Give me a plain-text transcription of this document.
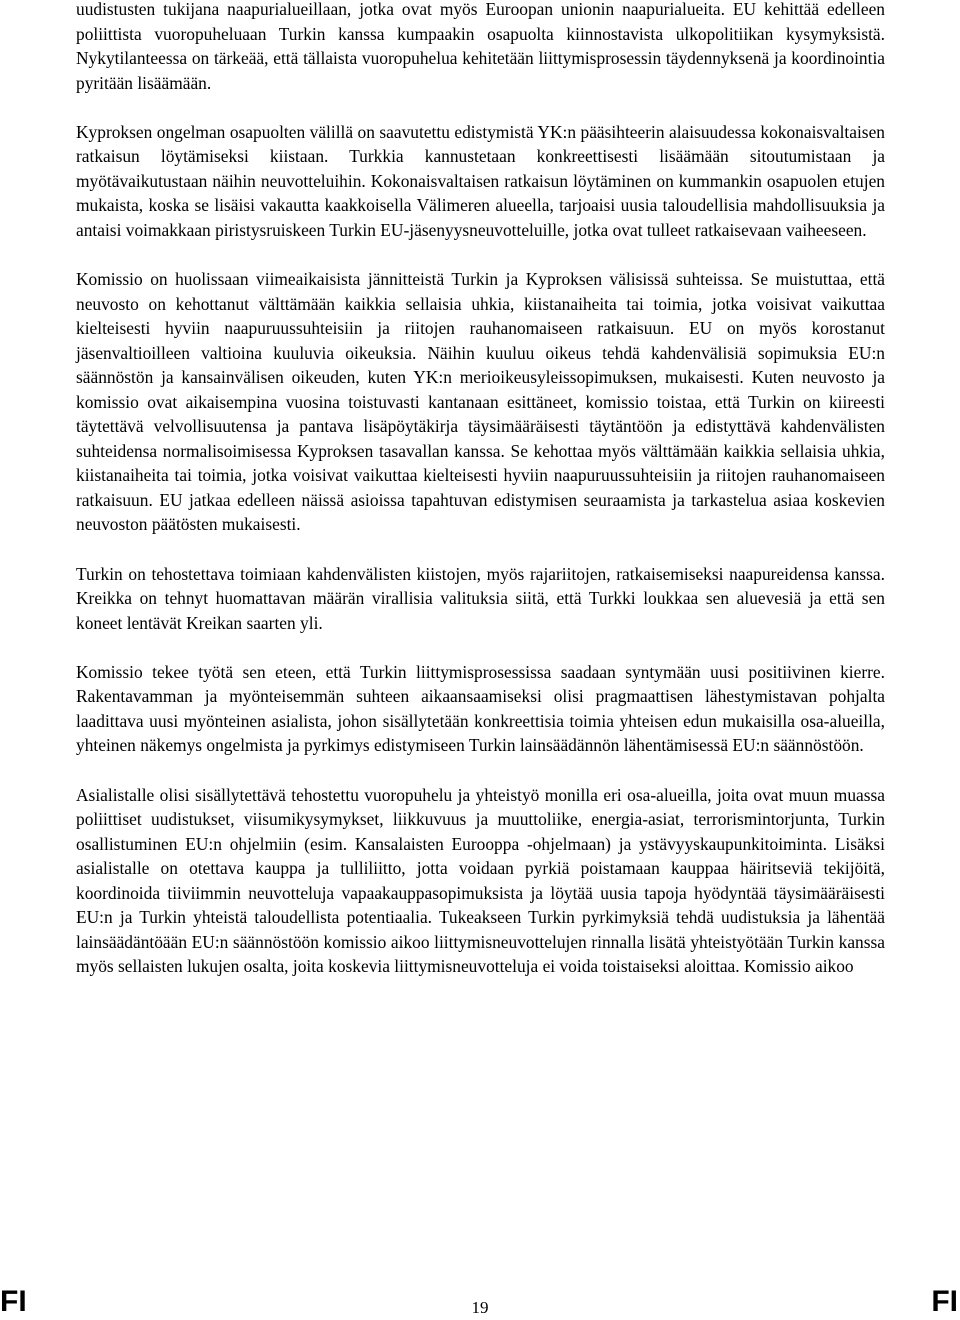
uudistusten tukijana naapurialueillaan, jotka ovat myös Euroopan unionin naapurialueita. EU kehittää edelleen poliittista vuoropuheluaan Turkin kanssa kumpaakin osapuolta kiinnostavista ulkopolitiikan kysymyksistä. Nykytilanteessa on tärkeää, että tällaista vuoropuhelua kehitetään liittymisprosessin täydennyksenä ja koordinointia pyritään lisäämään.

Kyproksen ongelman osapuolten välillä on saavutettu edistymistä YK:n pääsihteerin alaisuudessa kokonaisvaltaisen ratkaisun löytämiseksi kiistaan. Turkkia kannustetaan konkreettisesti lisäämään sitoutumistaan ja myötävaikutustaan näihin neuvotteluihin. Kokonaisvaltaisen ratkaisun löytäminen on kummankin osapuolen etujen mukaista, koska se lisäisi vakautta kaakkoisella Välimeren alueella, tarjoaisi uusia taloudellisia mahdollisuuksia ja antaisi voimakkaan piristysruiskeen Turkin EU-jäsenyysneuvotteluille, jotka ovat tulleet ratkaisevaan vaiheeseen.

Komissio on huolissaan viimeaikaisista jännitteistä Turkin ja Kyproksen välisissä suhteissa. Se muistuttaa, että neuvosto on kehottanut välttämään kaikkia sellaisia uhkia, kiistanaiheita tai toimia, jotka voisivat vaikuttaa kielteisesti hyviin naapuruussuhteisiin ja riitojen rauhanomaiseen ratkaisuun. EU on myös korostanut jäsenvaltioilleen valtioina kuuluvia oikeuksia. Näihin kuuluu oikeus tehdä kahdenvälisiä sopimuksia EU:n säännöstön ja kansainvälisen oikeuden, kuten YK:n merioikeusyleissopimuksen, mukaisesti. Kuten neuvosto ja komissio ovat aikaisempina vuosina toistuvasti kantanaan esittäneet, komissio toistaa, että Turkin on kiireesti täytettävä velvollisuutensa ja pantava lisäpöytäkirja täysimääräisesti täytäntöön ja edistyttävä kahdenvälisten suhteidensa normalisoimisessa Kyproksen tasavallan kanssa. Se kehottaa myös välttämään kaikkia sellaisia uhkia, kiistanaiheita tai toimia, jotka voisivat vaikuttaa kielteisesti hyviin naapuruussuhteisiin ja riitojen rauhanomaiseen ratkaisuun. EU jatkaa edelleen näissä asioissa tapahtuvan edistymisen seuraamista ja tarkastelua asiaa koskevien neuvoston päätösten mukaisesti.

Turkin on tehostettava toimiaan kahdenvälisten kiistojen, myös rajariitojen, ratkaisemiseksi naapureidensa kanssa. Kreikka on tehnyt huomattavan määrän virallisia valituksia siitä, että Turkki loukkaa sen aluevesiä ja että sen koneet lentävät Kreikan saarten yli.

Komissio tekee työtä sen eteen, että Turkin liittymisprosessissa saadaan syntymään uusi positiivinen kierre. Rakentavamman ja myönteisemmän suhteen aikaansaamiseksi olisi pragmaattisen lähestymistavan pohjalta laadittava uusi myönteinen asialista, johon sisällytetään konkreettisia toimia yhteisen edun mukaisilla osa-alueilla, yhteinen näkemys ongelmista ja pyrkimys edistymiseen Turkin lainsäädännön lähentämisessä EU:n säännöstöön.

Asialistalle olisi sisällytettävä tehostettu vuoropuhelu ja yhteistyö monilla eri osa-alueilla, joita ovat muun muassa poliittiset uudistukset, viisumikysymykset, liikkuvuus ja muuttoliike, energia-asiat, terrorismintorjunta, Turkin osallistuminen EU:n ohjelmiin (esim. Kansalaisten Eurooppa -ohjelmaan) ja ystävyyskaupunkitoiminta. Lisäksi asialistalle on otettava kauppa ja tulliliitto, jotta voidaan pyrkiä poistamaan kauppaa häiritseviä tekijöitä, koordinoida tiiviimmin neuvotteluja vapaakauppasopimuksista ja löytää uusia tapoja hyödyntää täysimääräisesti EU:n ja Turkin yhteistä taloudellista potentiaalia. Tukeakseen Turkin pyrkimyksiä tehdä uudistuksia ja lähentää lainsäädäntöään EU:n säännöstöön komissio aikoo liittymisneuvottelujen rinnalla lisätä yhteistyötään Turkin kanssa myös sellaisten lukujen osalta, joita koskevia liittymisneuvotteluja ei voida toistaiseksi aloittaa. Komissio aikoo

FI	19	FI
